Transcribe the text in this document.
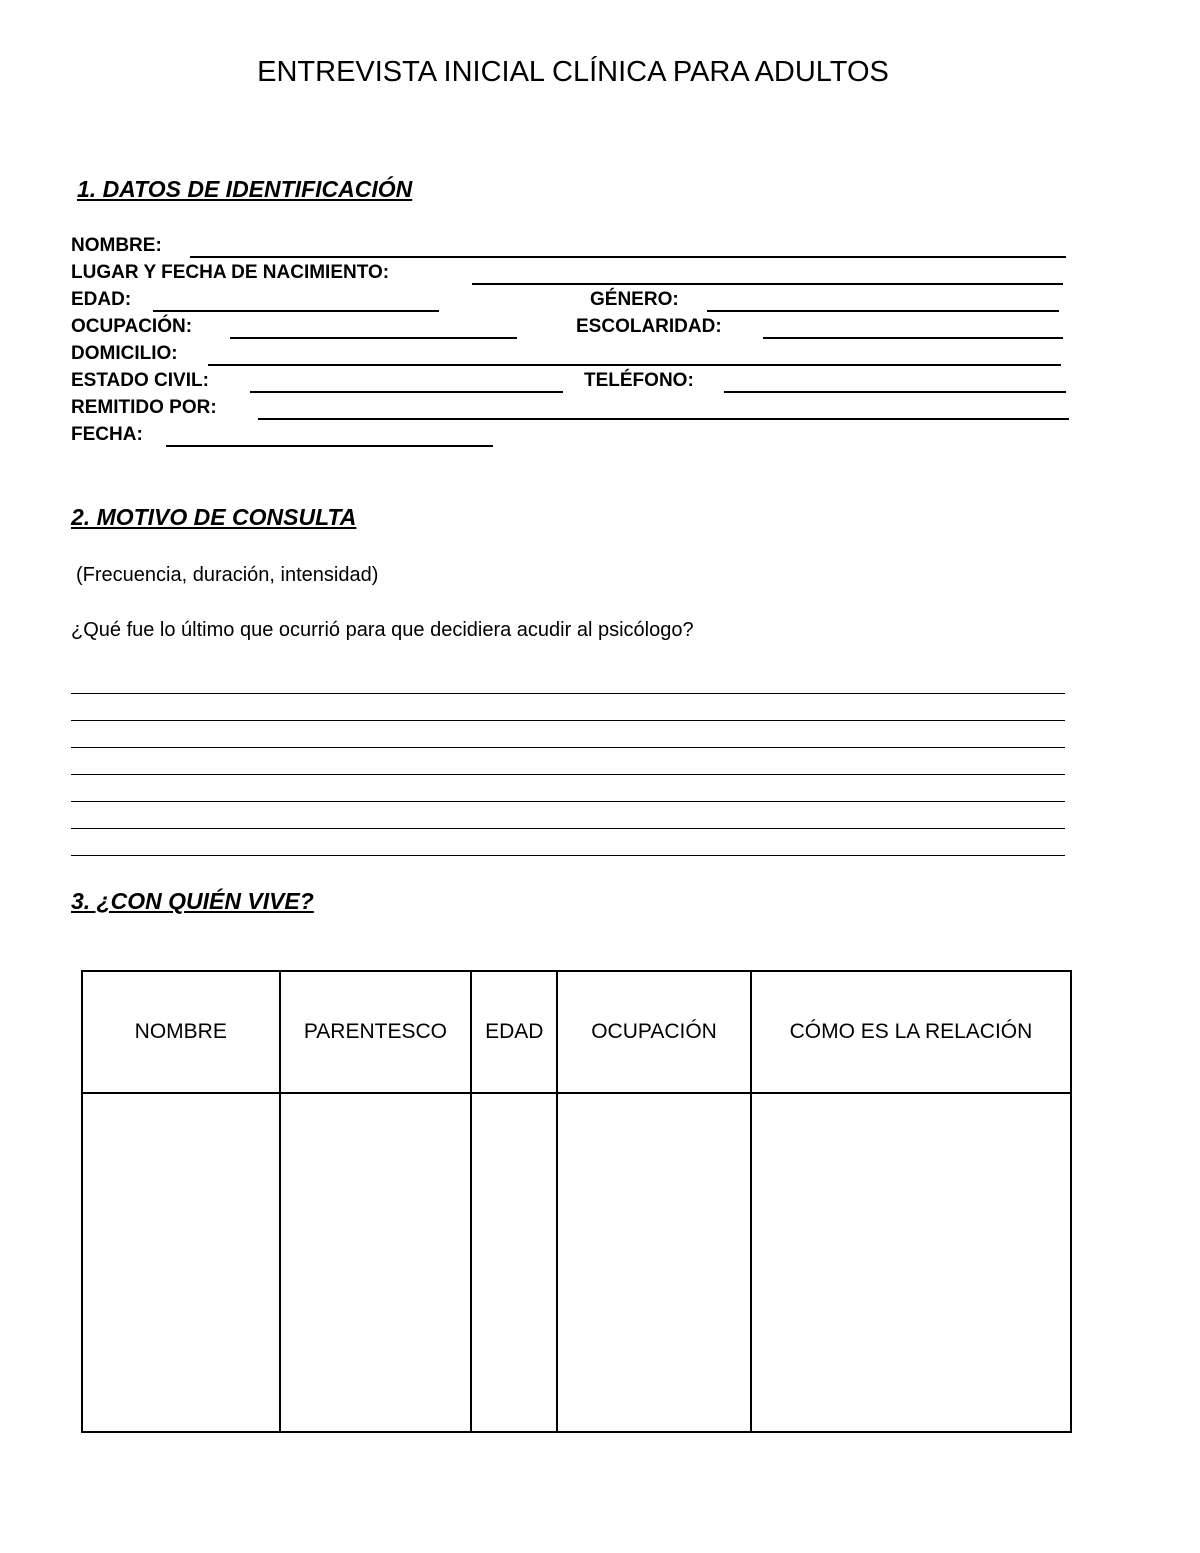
ENTREVISTA INICIAL CLÍNICA PARA ADULTOS
1. DATOS DE IDENTIFICACIÓN
NOMBRE:
LUGAR Y FECHA DE NACIMIENTO:
EDAD:	GÉNERO:
OCUPACIÓN:	ESCOLARIDAD:
DOMICILIO:
ESTADO CIVIL:	TELÉFONO:
REMITIDO POR:
FECHA:
2. MOTIVO DE CONSULTA
(Frecuencia, duración, intensidad)
¿Qué fue lo último que ocurrió para que decidiera acudir al psicólogo?
3. ¿CON QUIÉN VIVE?
NOMBRE	PARENTESCO	EDAD	OCUPACIÓN	CÓMO ES LA RELACIÓN
